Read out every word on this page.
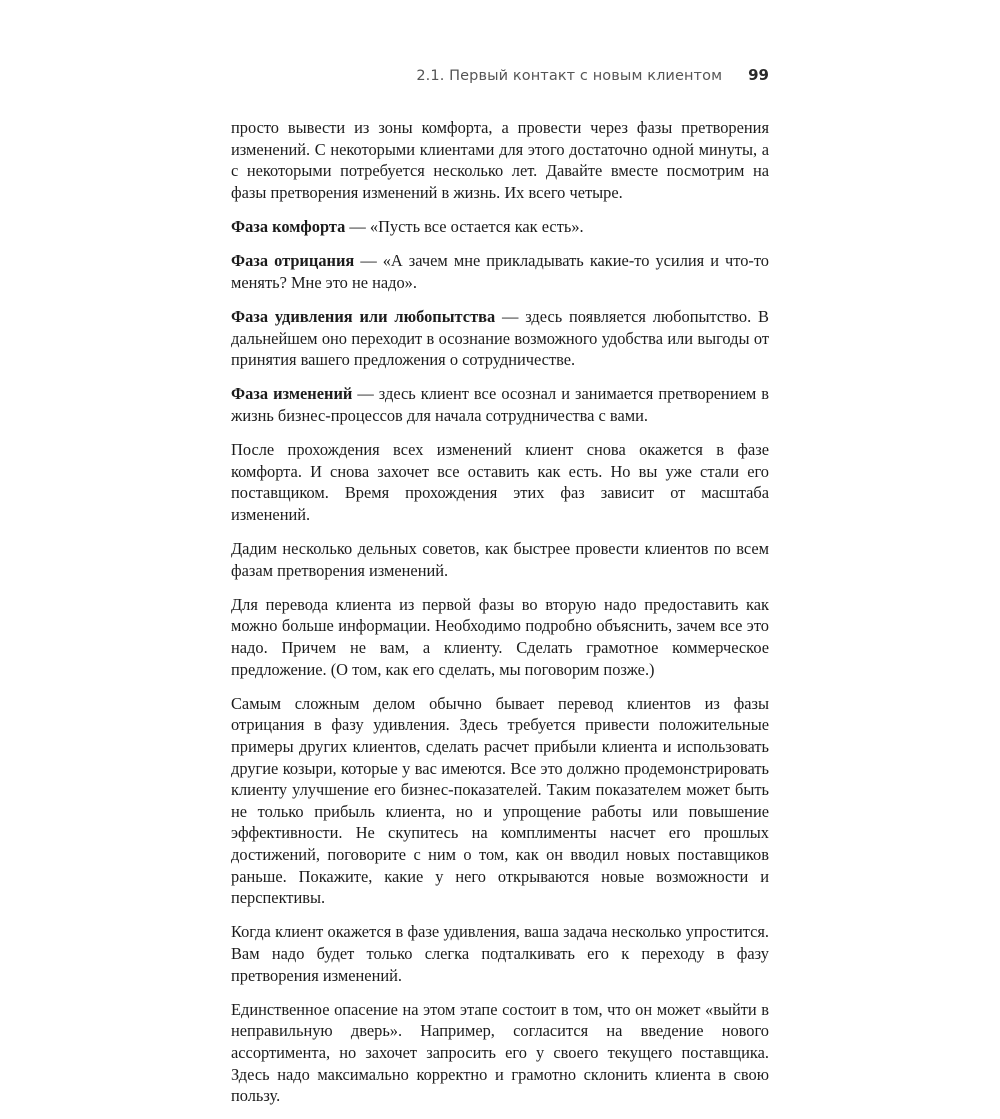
2.1. Первый контакт с новым клиентом 99

просто вывести из зоны комфорта, а провести через фазы претворения изменений. С некоторыми клиентами для этого достаточно одной минуты, а с некоторыми потребуется несколько лет. Давайте вместе посмотрим на фазы претворения изменений в жизнь. Их всего четыре.

Фаза комфорта — «Пусть все остается как есть».

Фаза отрицания — «А зачем мне прикладывать какие-то усилия и что-то менять? Мне это не надо».

Фаза удивления или любопытства — здесь появляется любопытство. В дальнейшем оно переходит в осознание возможного удобства или выгоды от принятия вашего предложения о сотрудничестве.

Фаза изменений — здесь клиент все осознал и занимается претворением в жизнь бизнес-процессов для начала сотрудничества с вами.

После прохождения всех изменений клиент снова окажется в фазе комфорта. И снова захочет все оставить как есть. Но вы уже стали его поставщиком. Время прохождения этих фаз зависит от масштаба изменений.

Дадим несколько дельных советов, как быстрее провести клиентов по всем фазам претворения изменений.

Для перевода клиента из первой фазы во вторую надо предоставить как можно больше информации. Необходимо подробно объяснить, зачем все это надо. Причем не вам, а клиенту. Сделать грамотное коммерческое предложение. (О том, как его сделать, мы поговорим позже.)

Самым сложным делом обычно бывает перевод клиентов из фазы отрицания в фазу удивления. Здесь требуется привести положительные примеры других клиентов, сделать расчет прибыли клиента и использовать другие козыри, которые у вас имеются. Все это должно продемонстрировать клиенту улучшение его бизнес-показателей. Таким показателем может быть не только прибыль клиента, но и упрощение работы или повышение эффективности. Не скупитесь на комплименты насчет его прошлых достижений, поговорите с ним о том, как он вводил новых поставщиков раньше. Покажите, какие у него открываются новые возможности и перспективы.

Когда клиент окажется в фазе удивления, ваша задача несколько упростится. Вам надо будет только слегка подталкивать его к переходу в фазу претворения изменений.

Единственное опасение на этом этапе состоит в том, что он может «выйти в неправильную дверь». Например, согласится на введение нового ассортимента, но захочет запросить его у своего текущего поставщика. Здесь надо максимально корректно и грамотно склонить клиента в свою пользу.
